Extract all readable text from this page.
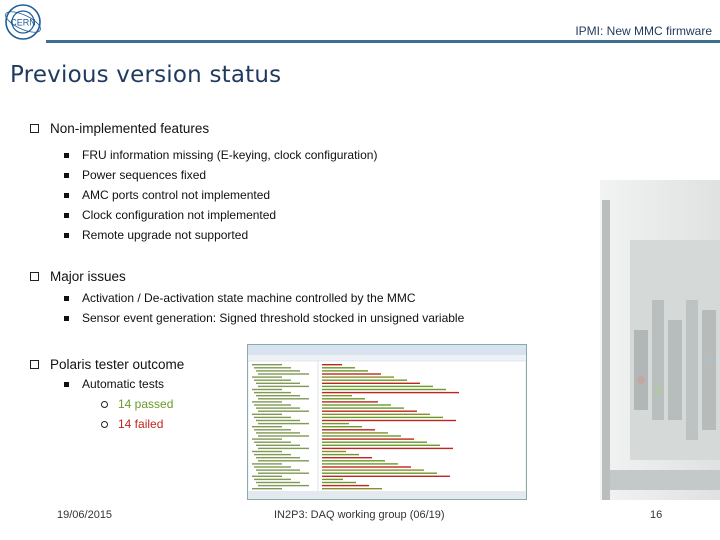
CERN
IPMI: New MMC firmware
Previous version status
Non-implemented features
FRU information missing (E-keying, clock configuration)
Power sequences fixed
AMC ports control not implemented
Clock configuration not implemented
Remote upgrade not supported
Major issues
Activation / De-activation state machine controlled by the MMC
Sensor event generation: Signed threshold stocked in unsigned variable
Polaris tester outcome
Automatic tests
14 passed
14 failed
19/06/2015	IN2P3: DAQ working group (06/19)	16
